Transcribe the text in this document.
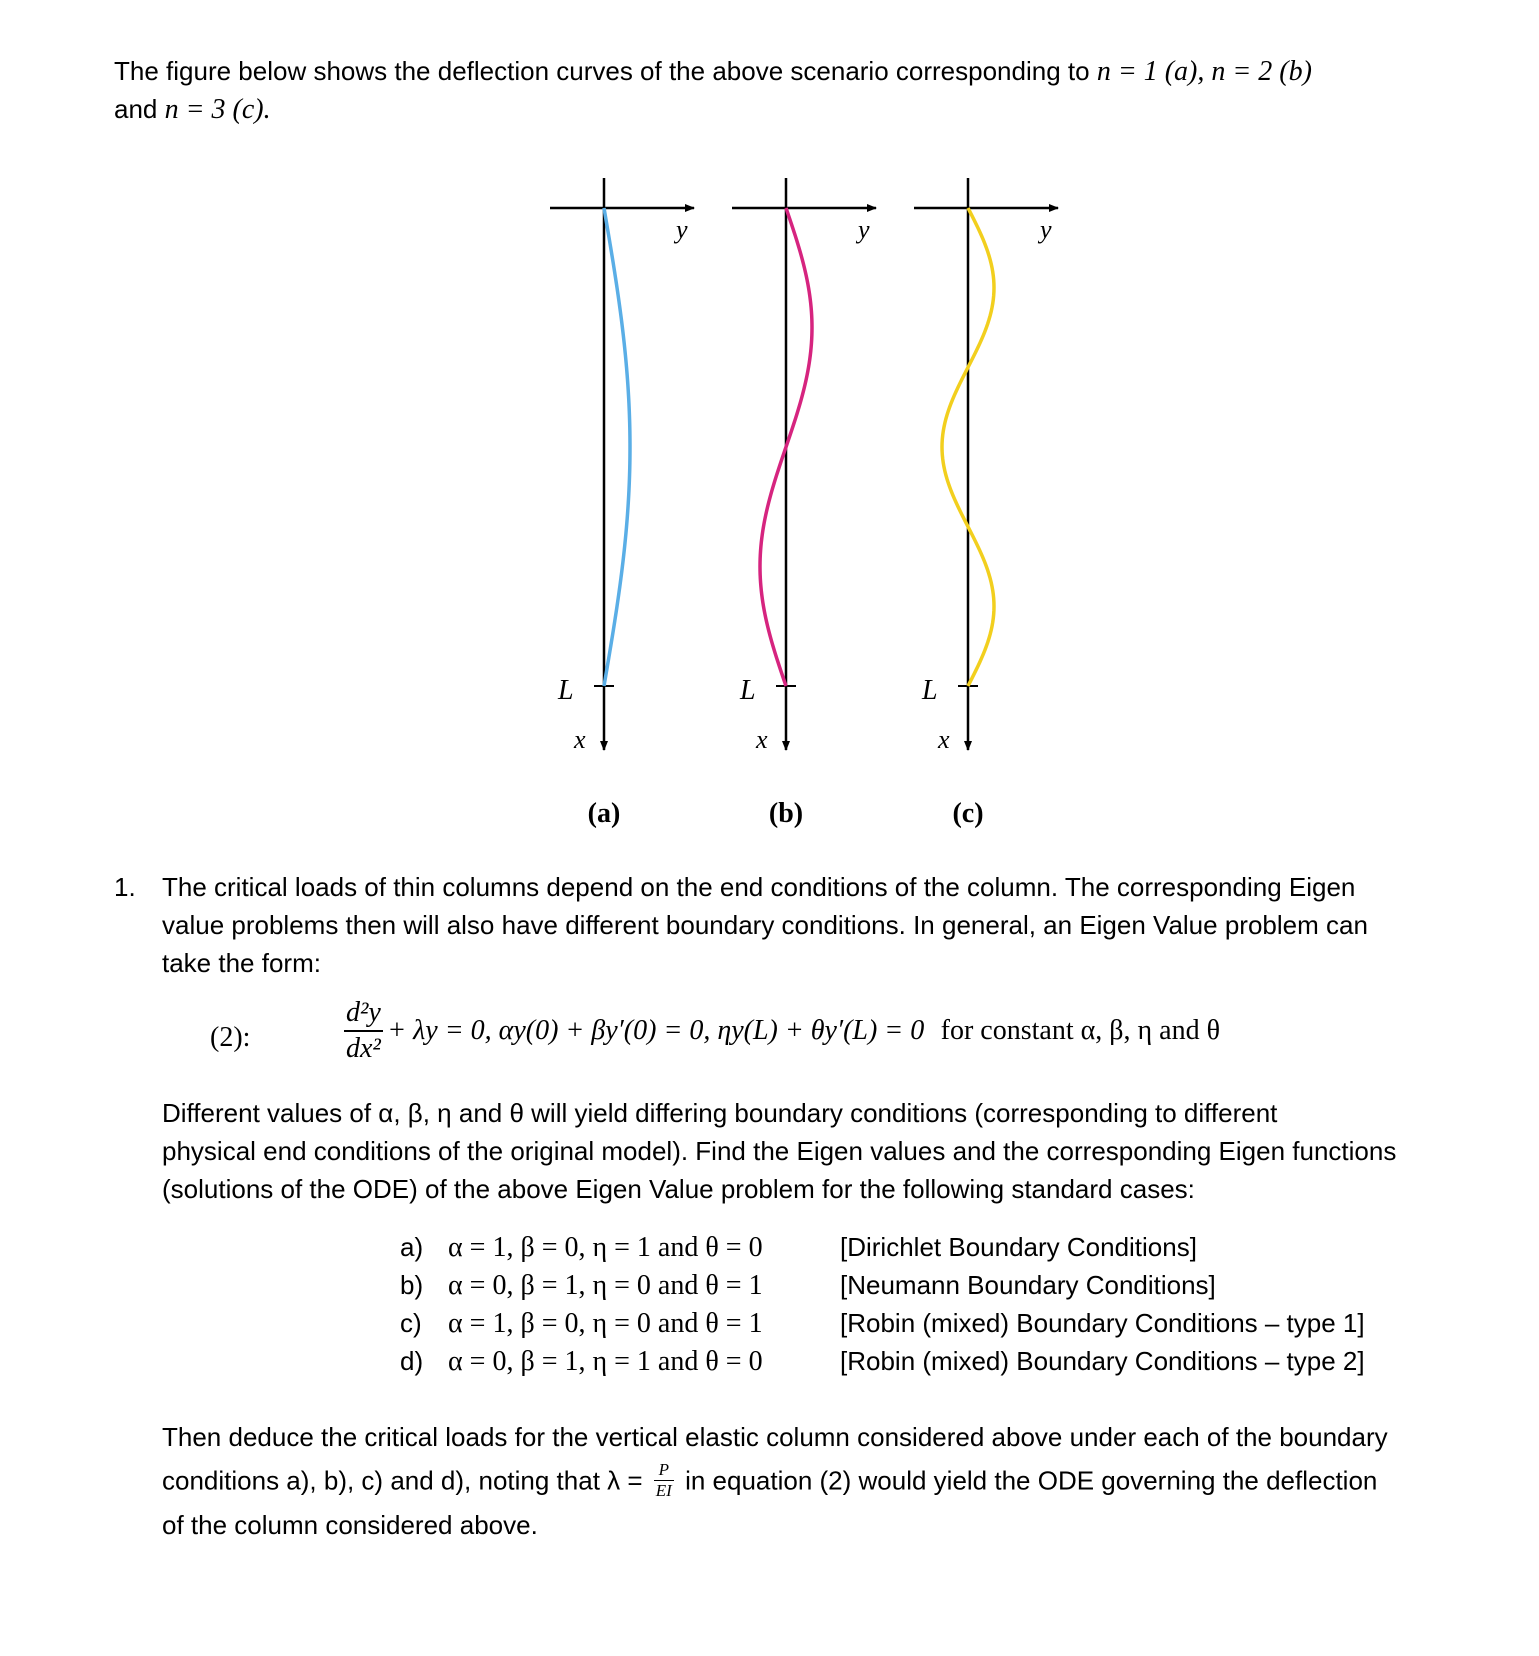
The figure below shows the deflection curves of the above scenario corresponding to n = 1 (a), n = 2 (b)
and n = 3 (c).
y
L
x
(a)
y
L
x
(b)
y
L
x
(c)
1. The critical loads of thin columns depend on the end conditions of the column. The corresponding Eigen
value problems then will also have different boundary conditions. In general, an Eigen Value problem can
take the form:
(2):	$\frac{\text{d²y}}{\text{dx²}} + \lambda y = 0$, αy(0) + βy′(0) = 0, ηy(L) + θy′(L) = 0 for constant α, β, η and θ
Different values of α, β, η and θ will yield differing boundary conditions (corresponding to different
physical end conditions of the original model). Find the Eigen values and the corresponding Eigen functions
(solutions of the ODE) of the above Eigen Value problem for the following standard cases:
a) α = 1, β = 0, η = 1 and θ = 0	[Dirichlet Boundary Conditions]
b) α = 0, β = 1, η = 0 and θ = 1	[Neumann Boundary Conditions]
c) α = 1, β = 0, η = 0 and θ = 1	[Robin (mixed) Boundary Conditions – type 1]
d) α = 0, β = 1, η = 1 and θ = 0	[Robin (mixed) Boundary Conditions – type 2]
Then deduce the critical loads for the vertical elastic column considered above under each of the boundary
conditions a), b), c) and d), noting that $\lambda = \frac{P}{EI}$ in equation (2) would yield the ODE governing the deflection
of the column considered above.
